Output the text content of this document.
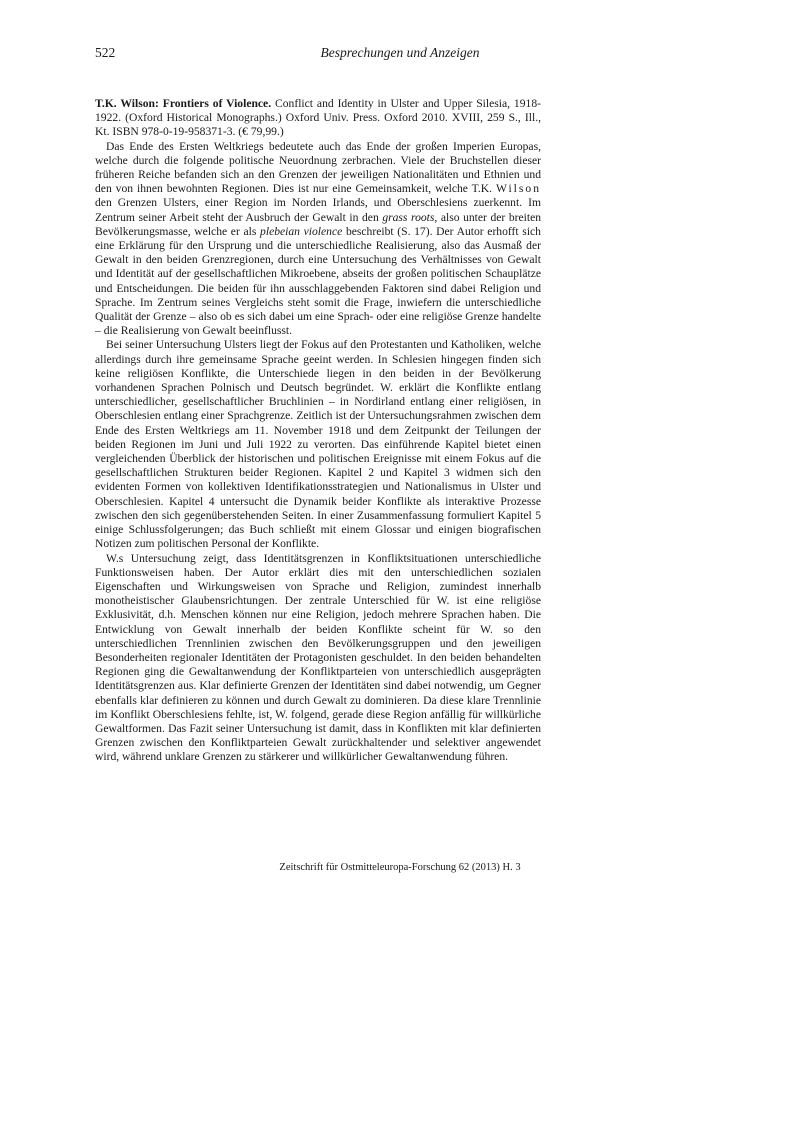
522	Besprechungen und Anzeigen

T.K. Wilson: Frontiers of Violence. Conflict and Identity in Ulster and Upper Silesia, 1918-1922. (Oxford Historical Monographs.) Oxford Univ. Press. Oxford 2010. XVIII, 259 S., Ill., Kt. ISBN 978-0-19-958371-3. (€ 79,99.)

Das Ende des Ersten Weltkriegs bedeutete auch das Ende der großen Imperien Europas, welche durch die folgende politische Neuordnung zerbrachen. Viele der Bruchstellen dieser früheren Reiche befanden sich an den Grenzen der jeweiligen Nationalitäten und Ethnien und den von ihnen bewohnten Regionen. Dies ist nur eine Gemeinsamkeit, welche T.K. Wilson den Grenzen Ulsters, einer Region im Norden Irlands, und Oberschlesiens zuerkennt. Im Zentrum seiner Arbeit steht der Ausbruch der Gewalt in den grass roots, also unter der breiten Bevölkerungsmasse, welche er als plebeian violence beschreibt (S. 17). Der Autor erhofft sich eine Erklärung für den Ursprung und die unterschiedliche Realisierung, also das Ausmaß der Gewalt in den beiden Grenzregionen, durch eine Untersuchung des Verhältnisses von Gewalt und Identität auf der gesellschaftlichen Mikroebene, abseits der großen politischen Schauplätze und Entscheidungen. Die beiden für ihn ausschlaggebenden Faktoren sind dabei Religion und Sprache. Im Zentrum seines Vergleichs steht somit die Frage, inwiefern die unterschiedliche Qualität der Grenze – also ob es sich dabei um eine Sprach- oder eine religiöse Grenze handelte – die Realisierung von Gewalt beeinflusst.

Bei seiner Untersuchung Ulsters liegt der Fokus auf den Protestanten und Katholiken, welche allerdings durch ihre gemeinsame Sprache geeint werden. In Schlesien hingegen finden sich keine religiösen Konflikte, die Unterschiede liegen in den beiden in der Bevölkerung vorhandenen Sprachen Polnisch und Deutsch begründet. W. erklärt die Konflikte entlang unterschiedlicher, gesellschaftlicher Bruchlinien – in Nordirland entlang einer religiösen, in Oberschlesien entlang einer Sprachgrenze. Zeitlich ist der Untersuchungsrahmen zwischen dem Ende des Ersten Weltkriegs am 11. November 1918 und dem Zeitpunkt der Teilungen der beiden Regionen im Juni und Juli 1922 zu verorten. Das einführende Kapitel bietet einen vergleichenden Überblick der historischen und politischen Ereignisse mit einem Fokus auf die gesellschaftlichen Strukturen beider Regionen. Kapitel 2 und Kapitel 3 widmen sich den evidenten Formen von kollektiven Identifikationsstrategien und Nationalismus in Ulster und Oberschlesien. Kapitel 4 untersucht die Dynamik beider Konflikte als interaktive Prozesse zwischen den sich gegenüberstehenden Seiten. In einer Zusammenfassung formuliert Kapitel 5 einige Schlussfolgerungen; das Buch schließt mit einem Glossar und einigen biografischen Notizen zum politischen Personal der Konflikte.

W.s Untersuchung zeigt, dass Identitätsgrenzen in Konfliktsituationen unterschiedliche Funktionsweisen haben. Der Autor erklärt dies mit den unterschiedlichen sozialen Eigenschaften und Wirkungsweisen von Sprache und Religion, zumindest innerhalb monotheistischer Glaubensrichtungen. Der zentrale Unterschied für W. ist eine religiöse Exklusivität, d.h. Menschen können nur eine Religion, jedoch mehrere Sprachen haben. Die Entwicklung von Gewalt innerhalb der beiden Konflikte scheint für W. so den unterschiedlichen Trennlinien zwischen den Bevölkerungsgruppen und den jeweiligen Besonderheiten regionaler Identitäten der Protagonisten geschuldet. In den beiden behandelten Regionen ging die Gewaltanwendung der Konfliktparteien von unterschiedlich ausgeprägten Identitätsgrenzen aus. Klar definierte Grenzen der Identitäten sind dabei notwendig, um Gegner ebenfalls klar definieren zu können und durch Gewalt zu dominieren. Da diese klare Trennlinie im Konflikt Oberschlesiens fehlte, ist, W. folgend, gerade diese Region anfällig für willkürliche Gewaltformen. Das Fazit seiner Untersuchung ist damit, dass in Konflikten mit klar definierten Grenzen zwischen den Konfliktparteien Gewalt zurückhaltender und selektiver angewendet wird, während unklare Grenzen zu stärkerer und willkürlicher Gewaltanwendung führen.

Zeitschrift für Ostmitteleuropa-Forschung 62 (2013) H. 3
